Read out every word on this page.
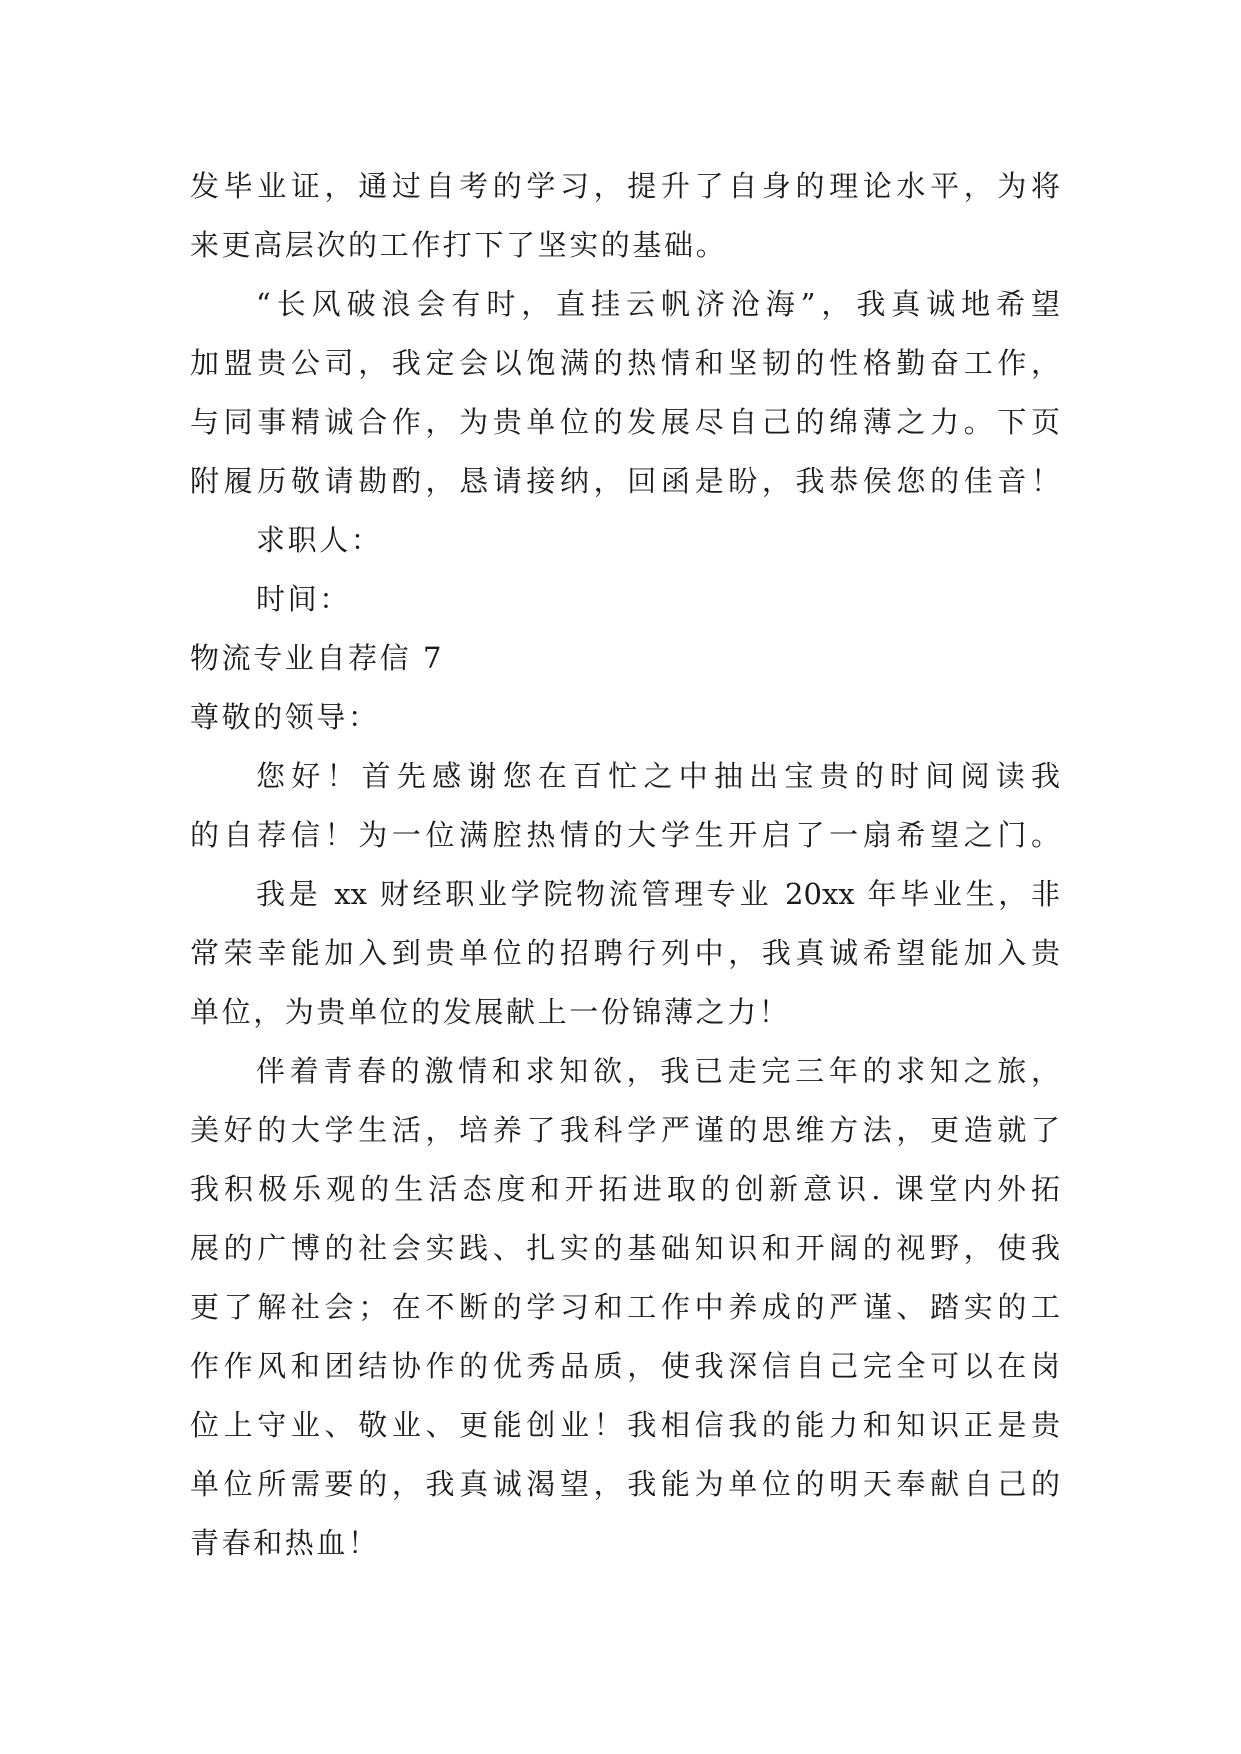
发毕业证，通过自考的学习，提升了自身的理论水平，为将
来更高层次的工作打下了坚实的基础。
“长风破浪会有时，直挂云帆济沧海”，我真诚地希望
加盟贵公司，我定会以饱满的热情和坚韧的性格勤奋工作，
与同事精诚合作，为贵单位的发展尽自己的绵薄之力。下页
附履历敬请勘酌，恳请接纳，回函是盼，我恭侯您的佳音！
求职人：
时间：
物流专业自荐信 7
尊敬的领导：
您好！首先感谢您在百忙之中抽出宝贵的时间阅读我
的自荐信！为一位满腔热情的大学生开启了一扇希望之门。
我是 xx 财经职业学院物流管理专业 20xx 年毕业生，非
常荣幸能加入到贵单位的招聘行列中，我真诚希望能加入贵
单位，为贵单位的发展献上一份锦薄之力！
伴着青春的激情和求知欲，我已走完三年的求知之旅，
美好的大学生活，培养了我科学严谨的思维方法，更造就了
我积极乐观的生活态度和开拓进取的创新意识. 课堂内外拓
展的广博的社会实践、扎实的基础知识和开阔的视野，使我
更了解社会；在不断的学习和工作中养成的严谨、踏实的工
作作风和团结协作的优秀品质，使我深信自己完全可以在岗
位上守业、敬业、更能创业！我相信我的能力和知识正是贵
单位所需要的，我真诚渴望，我能为单位的明天奉献自己的
青春和热血！
